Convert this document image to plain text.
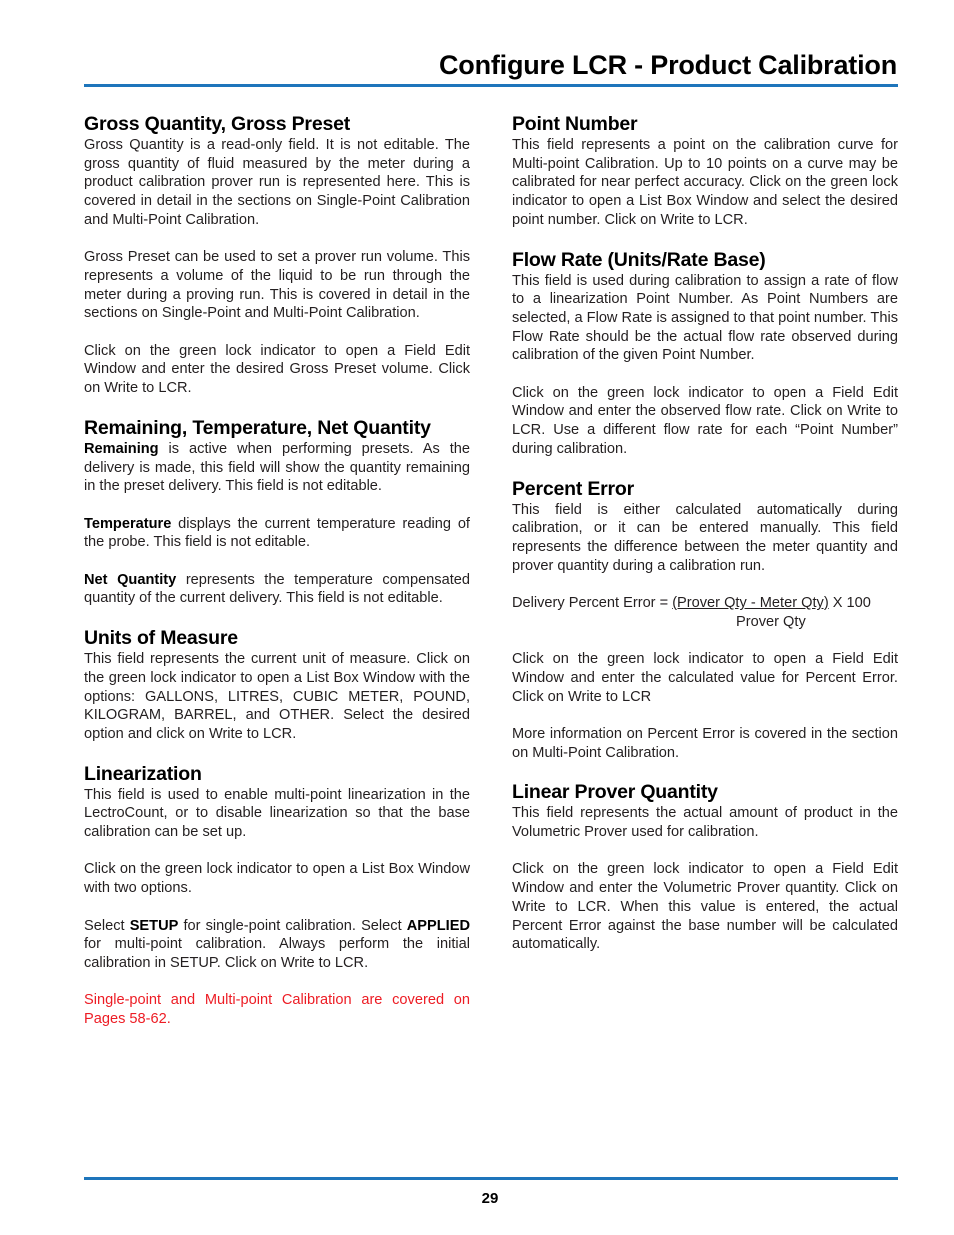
Configure LCR - Product Calibration
Gross Quantity, Gross Preset

Gross Quantity is a read-only field. It is not editable. The gross quantity of fluid measured by the meter during a product calibration prover run is represented here. This is covered in detail in the sections on Single-Point Calibration and Multi-Point Calibration.

Gross Preset can be used to set a prover run volume. This represents a volume of the liquid to be run through the meter during a proving run. This is covered in detail in the sections on Single-Point and Multi-Point Calibration.

Click on the green lock indicator to open a Field Edit Window and enter the desired Gross Preset volume. Click on Write to LCR.

Remaining, Temperature, Net Quantity

Remaining is active when performing presets. As the delivery is made, this field will show the quantity remaining in the preset delivery. This field is not editable.

Temperature displays the current temperature reading of the probe. This field is not editable.

Net Quantity represents the temperature compensated quantity of the current delivery. This field is not editable.

Units of Measure

This field represents the current unit of measure. Click on the green lock indicator to open a List Box Window with the options: GALLONS, LITRES, CUBIC METER, POUND, KILOGRAM, BARREL, and OTHER. Select the desired option and click on Write to LCR.

Linearization

This field is used to enable multi-point linearization in the LectroCount, or to disable linearization so that the base calibration can be set up.

Click on the green lock indicator to open a List Box Window with two options.

Select SETUP for single-point calibration. Select APPLIED for multi-point calibration. Always perform the initial calibration in SETUP. Click on Write to LCR.

Single-point and Multi-point Calibration are covered on Pages 58-62.

Point Number

This field represents a point on the calibration curve for Multi-point Calibration. Up to 10 points on a curve may be calibrated for near perfect accuracy. Click on the green lock indicator to open a List Box Window and select the desired point number. Click on Write to LCR.

Flow Rate (Units/Rate Base)

This field is used during calibration to assign a rate of flow to a linearization Point Number. As Point Numbers are selected, a Flow Rate is assigned to that point number. This Flow Rate should be the actual flow rate observed during calibration of the given Point Number.

Click on the green lock indicator to open a Field Edit Window and enter the observed flow rate. Click on Write to LCR. Use a different flow rate for each “Point Number” during calibration.

Percent Error

This field is either calculated automatically during calibration, or it can be entered manually. This field represents the difference between the meter quantity and prover quantity during a calibration run.

Delivery Percent Error = (Prover Qty - Meter Qty) X 100

Prover Qty

Click on the green lock indicator to open a Field Edit Window and enter the calculated value for Percent Error. Click on Write to LCR

More information on Percent Error is covered in the section on Multi-Point Calibration.

Linear Prover Quantity

This field represents the actual amount of product in the Volumetric Prover used for calibration.

Click on the green lock indicator to open a Field Edit Window and enter the Volumetric Prover quantity. Click on Write to LCR. When this value is entered, the actual Percent Error against the base number will be calculated automatically.

29
